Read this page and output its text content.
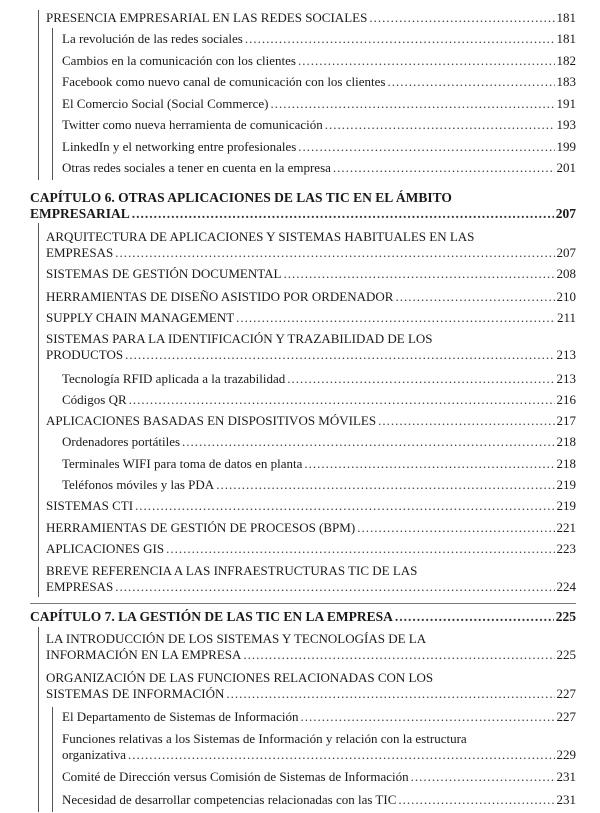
PRESENCIA EMPRESARIAL EN LAS REDES SOCIALES .....	181
La revolución de las redes sociales .....	181
Cambios en la comunicación con los clientes .....	182
Facebook como nuevo canal de comunicación con los clientes .....	183
El Comercio Social (Social Commerce) .....	191
Twitter como nueva herramienta de comunicación .....	193
LinkedIn y el networking entre profesionales .....	199
Otras redes sociales a tener en cuenta en la empresa .....	201
CAPÍTULO 6. OTRAS APLICACIONES DE LAS TIC EN EL ÁMBITO
EMPRESARIAL .....	207
ARQUITECTURA DE APLICACIONES Y SISTEMAS HABITUALES EN LAS
EMPRESAS .....	207
SISTEMAS DE GESTIÓN DOCUMENTAL .....	208
HERRAMIENTAS DE DISEÑO ASISTIDO POR ORDENADOR .....	210
SUPPLY CHAIN MANAGEMENT .....	211
SISTEMAS PARA LA IDENTIFICACIÓN Y TRAZABILIDAD DE LOS
PRODUCTOS .....	213
Tecnología RFID aplicada a la trazabilidad .....	213
Códigos QR .....	216
APLICACIONES BASADAS EN DISPOSITIVOS MÓVILES .....	217
Ordenadores portátiles .....	218
Terminales WIFI para toma de datos en planta .....	218
Teléfonos móviles y las PDA .....	219
SISTEMAS CTI .....	219
HERRAMIENTAS DE GESTIÓN DE PROCESOS (BPM) .....	221
APLICACIONES GIS .....	223
BREVE REFERENCIA A LAS INFRAESTRUCTURAS TIC DE LAS
EMPRESAS .....	224
CAPÍTULO 7. LA GESTIÓN DE LAS TIC EN LA EMPRESA .....	225
LA INTRODUCCIÓN DE LOS SISTEMAS Y TECNOLOGÍAS DE LA
INFORMACIÓN EN LA EMPRESA .....	225
ORGANIZACIÓN DE LAS FUNCIONES RELACIONADAS CON LOS
SISTEMAS DE INFORMACIÓN .....	227
El Departamento de Sistemas de Información .....	227
Funciones relativas a los Sistemas de Información y relación con la estructura
organizativa .....	229
Comité de Dirección versus Comisión de Sistemas de Información .....	231
Necesidad de desarrollar competencias relacionadas con las TIC .....	231
